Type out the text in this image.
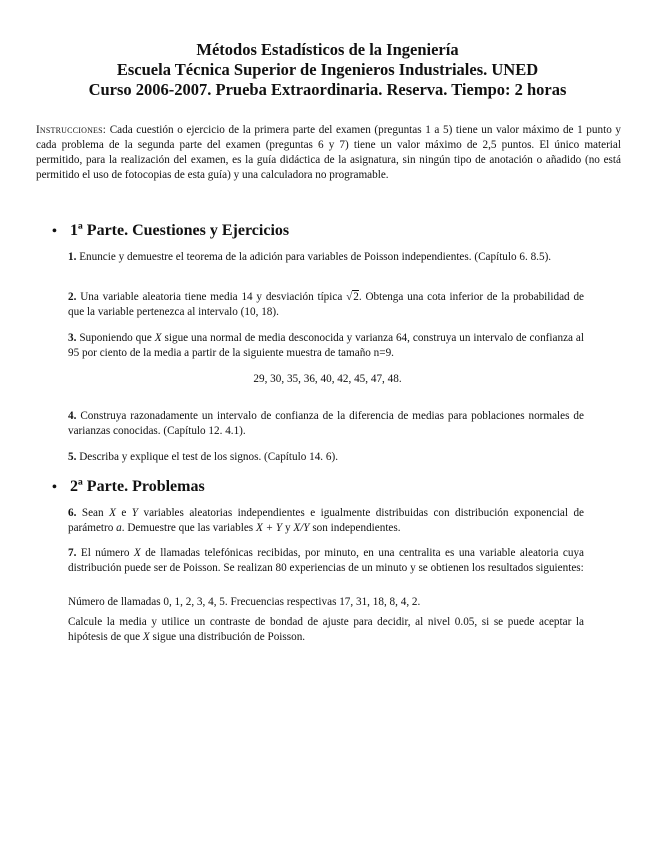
Métodos Estadísticos de la Ingeniería
Escuela Técnica Superior de Ingenieros Industriales. UNED
Curso 2006-2007. Prueba Extraordinaria. Reserva. Tiempo: 2 horas
Instrucciones: Cada cuestión o ejercicio de la primera parte del examen (preguntas 1 a 5) tiene un valor máximo de 1 punto y cada problema de la segunda parte del examen (preguntas 6 y 7) tiene un valor máximo de 2,5 puntos. El único material permitido, para la realización del examen, es la guía didáctica de la asignatura, sin ningún tipo de anotación o añadido (no está permitido el uso de fotocopias de esta guía) y una calculadora no programable.
• 1ª Parte. Cuestiones y Ejercicios
1. Enuncie y demuestre el teorema de la adición para variables de Poisson independientes. (Capítulo 6. 8.5).
2. Una variable aleatoria tiene media 14 y desviación típica √2. Obtenga una cota inferior de la probabilidad de que la variable pertenezca al intervalo (10, 18).
3. Suponiendo que X sigue una normal de media desconocida y varianza 64, construya un intervalo de confianza al 95 por ciento de la media a partir de la siguiente muestra de tamaño n=9.
29, 30, 35, 36, 40, 42, 45, 47, 48.
4. Construya razonadamente un intervalo de confianza de la diferencia de medias para poblaciones normales de varianzas conocidas. (Capítulo 12. 4.1).
5. Describa y explique el test de los signos. (Capítulo 14. 6).
• 2ª Parte. Problemas
6. Sean X e Y variables aleatorias independientes e igualmente distribuidas con distribución exponencial de parámetro a. Demuestre que las variables X + Y y X/Y son independientes.
7. El número X de llamadas telefónicas recibidas, por minuto, en una centralita es una variable aleatoria cuya distribución puede ser de Poisson. Se realizan 80 experiencias de un minuto y se obtienen los resultados siguientes:
Número de llamadas 0, 1, 2, 3, 4, 5. Frecuencias respectivas 17, 31, 18, 8, 4, 2.
Calcule la media y utilice un contraste de bondad de ajuste para decidir, al nivel 0.05, si se puede aceptar la hipótesis de que X sigue una distribución de Poisson.
